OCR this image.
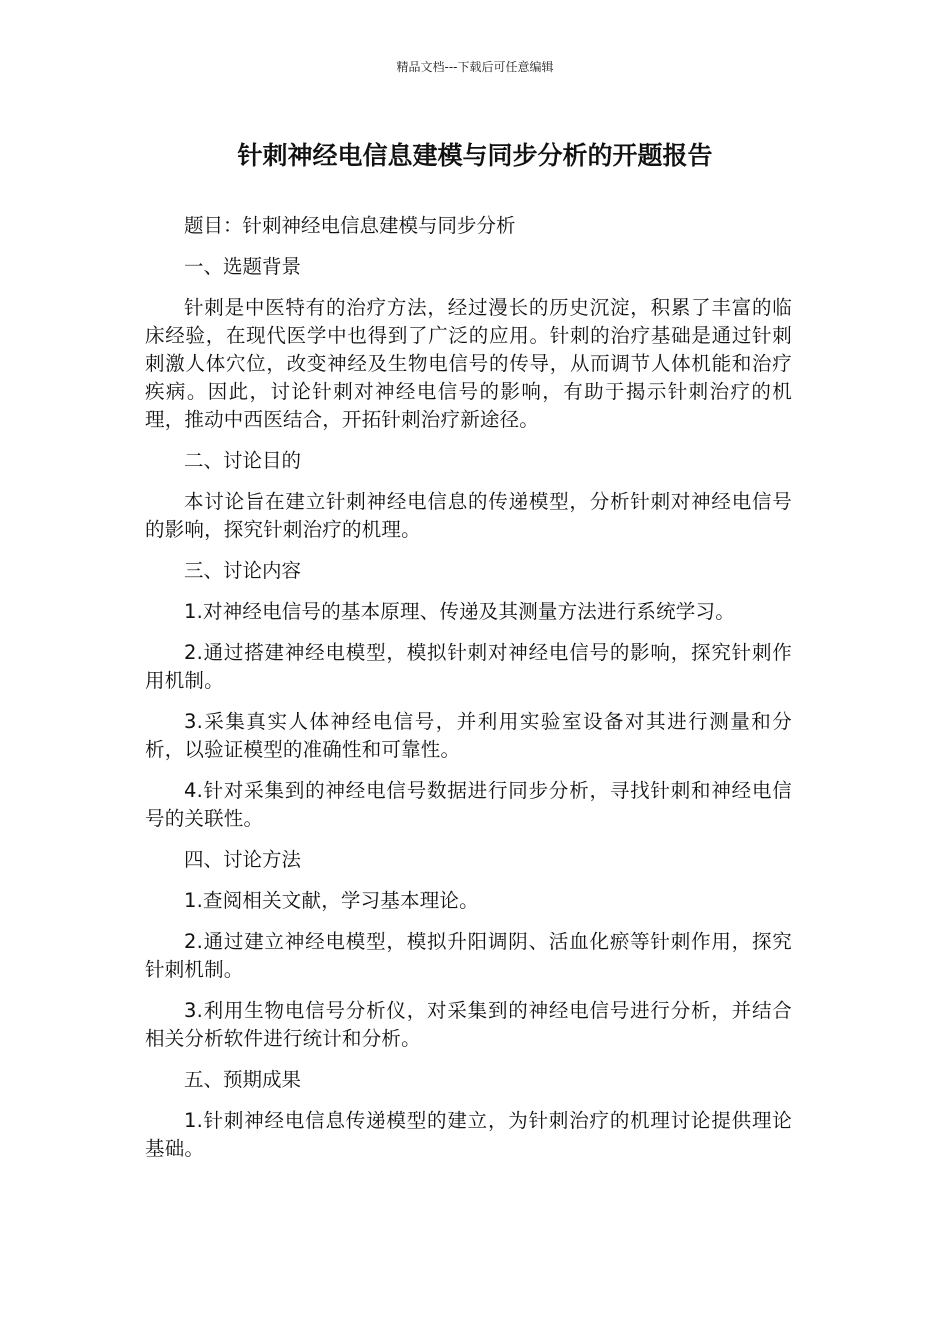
精品文档---下载后可任意编辑
针刺神经电信息建模与同步分析的开题报告

题目：针刺神经电信息建模与同步分析

一、选题背景

针刺是中医特有的治疗方法，经过漫长的历史沉淀，积累了丰富的临床经验，在现代医学中也得到了广泛的应用。针刺的治疗基础是通过针刺刺激人体穴位，改变神经及生物电信号的传导，从而调节人体机能和治疗疾病。因此，讨论针刺对神经电信号的影响，有助于揭示针刺治疗的机理，推动中西医结合，开拓针刺治疗新途径。

二、讨论目的

本讨论旨在建立针刺神经电信息的传递模型，分析针刺对神经电信号的影响，探究针刺治疗的机理。

三、讨论内容

1.对神经电信号的基本原理、传递及其测量方法进行系统学习。

2.通过搭建神经电模型，模拟针刺对神经电信号的影响，探究针刺作用机制。

3.采集真实人体神经电信号，并利用实验室设备对其进行测量和分析，以验证模型的准确性和可靠性。

4.针对采集到的神经电信号数据进行同步分析，寻找针刺和神经电信号的关联性。

四、讨论方法

1.查阅相关文献，学习基本理论。

2.通过建立神经电模型，模拟升阳调阴、活血化瘀等针刺作用，探究针刺机制。

3.利用生物电信号分析仪，对采集到的神经电信号进行分析，并结合相关分析软件进行统计和分析。

五、预期成果

1.针刺神经电信息传递模型的建立，为针刺治疗的机理讨论提供理论基础。
